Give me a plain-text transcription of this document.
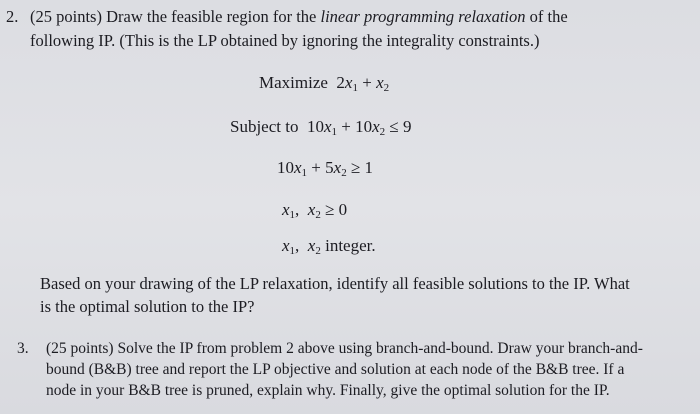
2. (25 points) Draw the feasible region for the linear programming relaxation of the
following IP. (This is the LP obtained by ignoring the integrality constraints.)
Maximize  $2x_1 + x_2$
Subject to  $10x_1 + 10x_2 \le 9$
$10x_1 + 5x_2 \ge 1$
$x_1$,  $x_2 \ge 0$
$x_1$,  $x_2$ integer.
Based on your drawing of the LP relaxation, identify all feasible solutions to the IP. What
is the optimal solution to the IP?
3. (25 points) Solve the IP from problem 2 above using branch-and-bound. Draw your branch-and-
bound (B&B) tree and report the LP objective and solution at each node of the B&B tree. If a
node in your B&B tree is pruned, explain why. Finally, give the optimal solution for the IP.
